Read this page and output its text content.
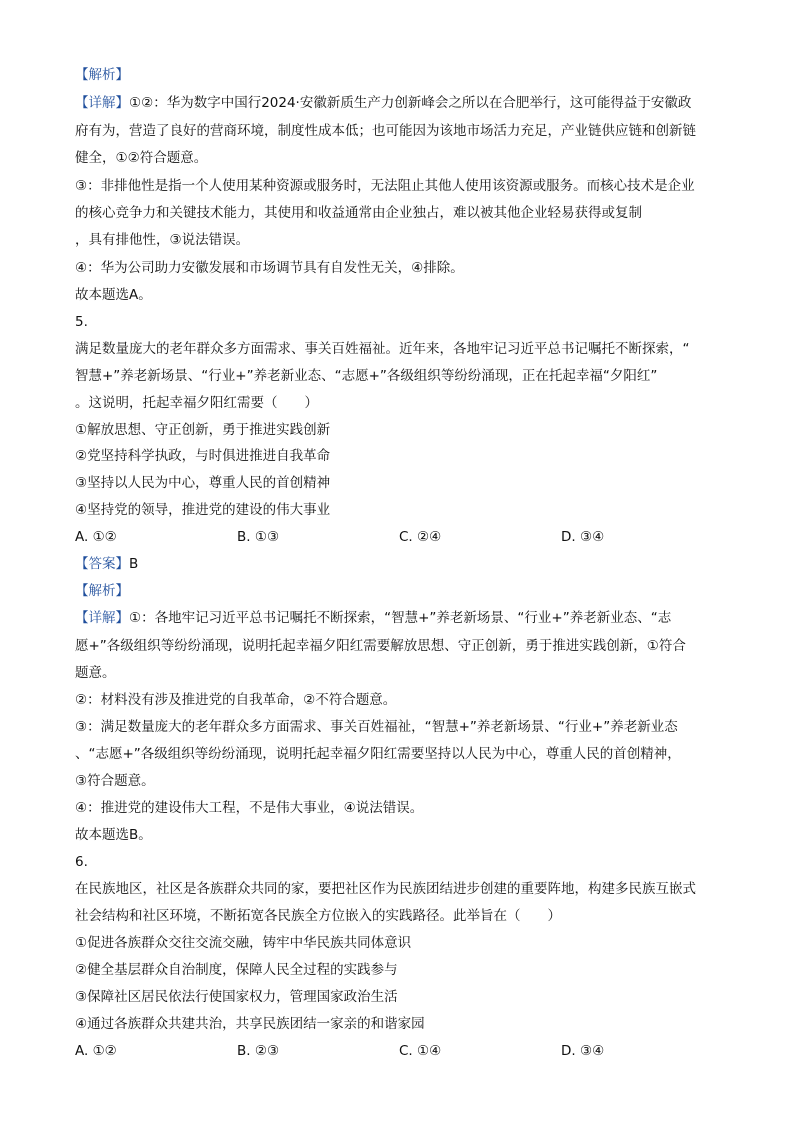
【解析】
【详解】①②：华为数字中国行2024·安徽新质生产力创新峰会之所以在合肥举行，这可能得益于安徽政
府有为，营造了良好的营商环境，制度性成本低；也可能因为该地市场活力充足，产业链供应链和创新链
健全，①②符合题意。
③：非排他性是指一个人使用某种资源或服务时，无法阻止其他人使用该资源或服务。而核心技术是企业
的核心竞争力和关键技术能力，其使用和收益通常由企业独占，难以被其他企业轻易获得或复制
，具有排他性，③说法错误。
④：华为公司助力安徽发展和市场调节具有自发性无关，④排除。
故本题选A。
5.
满足数量庞大的老年群众多方面需求、事关百姓福祉。近年来，各地牢记习近平总书记嘱托不断探索，“
智慧+”养老新场景、“行业+”养老新业态、“志愿+”各级组织等纷纷涌现，正在托起幸福“夕阳红”
。这说明，托起幸福夕阳红需要（　　）
①解放思想、守正创新，勇于推进实践创新
②党坚持科学执政，与时俱进推进自我革命
③坚持以人民为中心，尊重人民的首创精神
④坚持党的领导，推进党的建设的伟大事业
A. ①②	B. ①③	C. ②④	D. ③④
【答案】B
【解析】
【详解】①：各地牢记习近平总书记嘱托不断探索，“智慧+”养老新场景、“行业+”养老新业态、“志
愿+”各级组织等纷纷涌现，说明托起幸福夕阳红需要解放思想、守正创新，勇于推进实践创新，①符合
题意。
②：材料没有涉及推进党的自我革命，②不符合题意。
③：满足数量庞大的老年群众多方面需求、事关百姓福祉，“智慧+”养老新场景、“行业+”养老新业态
、“志愿+”各级组织等纷纷涌现，说明托起幸福夕阳红需要坚持以人民为中心，尊重人民的首创精神，
③符合题意。
④：推进党的建设伟大工程，不是伟大事业，④说法错误。
故本题选B。
6.
在民族地区，社区是各族群众共同的家，要把社区作为民族团结进步创建的重要阵地，构建多民族互嵌式
社会结构和社区环境，不断拓宽各民族全方位嵌入的实践路径。此举旨在（　　）
①促进各族群众交往交流交融，铸牢中华民族共同体意识
②健全基层群众自治制度，保障人民全过程的实践参与
③保障社区居民依法行使国家权力，管理国家政治生活
④通过各族群众共建共治，共享民族团结一家亲的和谐家园
A. ①②	B. ②③	C. ①④	D. ③④
